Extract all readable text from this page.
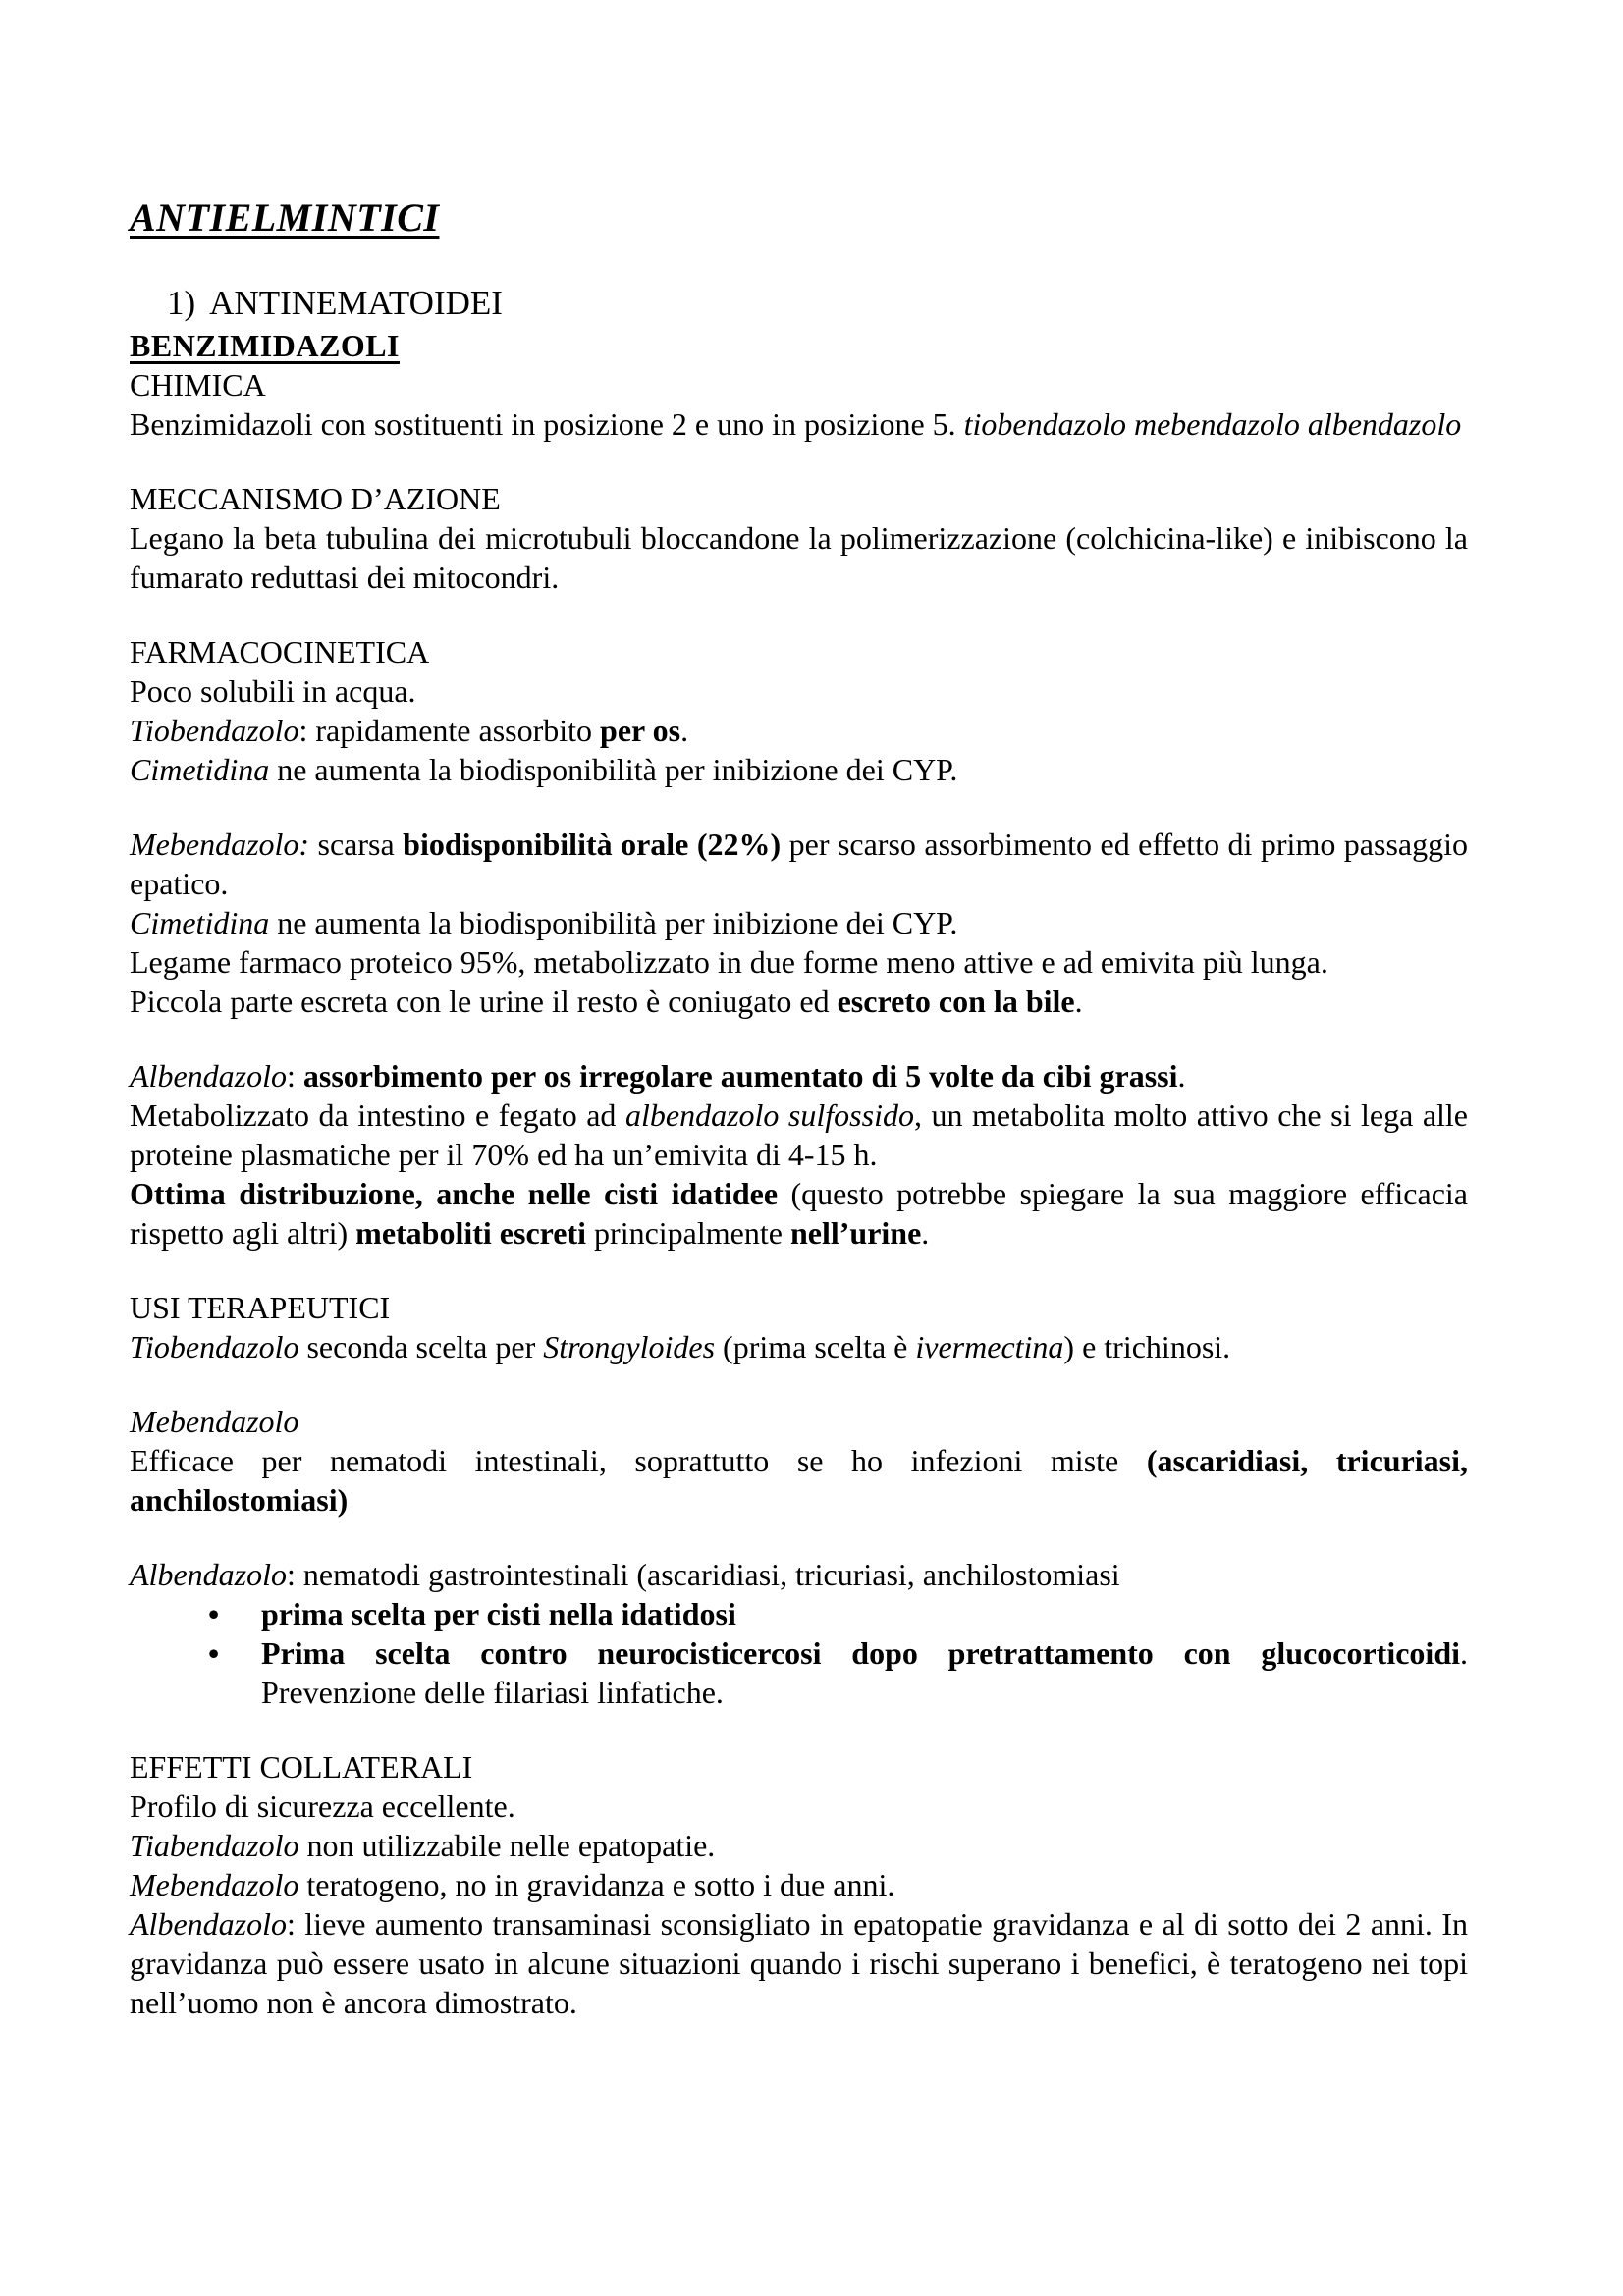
ANTIELMINTICI
1) ANTINEMATOIDEI
BENZIMIDAZOLI
CHIMICA
Benzimidazoli con sostituenti in posizione 2 e uno in posizione 5. tiobendazolo mebendazolo albendazolo
MECCANISMO D’AZIONE
Legano la beta tubulina dei microtubuli bloccandone la polimerizzazione (colchicina-like) e inibiscono la fumarato reduttasi dei mitocondri.
FARMACOCINETICA
Poco solubili in acqua.
Tiobendazolo: rapidamente assorbito per os.
Cimetidina ne aumenta la biodisponibilità per inibizione dei CYP.
Mebendazolo: scarsa biodisponibilità orale (22%) per scarso assorbimento ed effetto di primo passaggio epatico.
Cimetidina ne aumenta la biodisponibilità per inibizione dei CYP.
Legame farmaco proteico 95%, metabolizzato in due forme meno attive e ad emivita più lunga.
Piccola parte escreta con le urine il resto è coniugato ed escreto con la bile.
Albendazolo: assorbimento per os irregolare aumentato di 5 volte da cibi grassi.
Metabolizzato da intestino e fegato ad albendazolo sulfossido, un metabolita molto attivo che si lega alle proteine plasmatiche per il 70% ed ha un’emivita di 4-15 h.
Ottima distribuzione, anche nelle cisti idatidee (questo potrebbe spiegare la sua maggiore efficacia rispetto agli altri) metaboliti escreti principalmente nell’urine.
USI TERAPEUTICI
Tiobendazolo seconda scelta per Strongyloides (prima scelta è ivermectina) e trichinosi.
Mebendazolo
Efficace per nematodi intestinali, soprattutto se ho infezioni miste (ascaridiasi, tricuriasi, anchilostomiasi)
Albendazolo: nematodi gastrointestinali (ascaridiasi, tricuriasi, anchilostomiasi
• prima scelta per cisti nella idatidosi
• Prima scelta contro neurocisticercosi dopo pretrattamento con glucocorticoidi.
Prevenzione delle filariasi linfatiche.
EFFETTI COLLATERALI
Profilo di sicurezza eccellente.
Tiabendazolo non utilizzabile nelle epatopatie.
Mebendazolo teratogeno, no in gravidanza e sotto i due anni.
Albendazolo: lieve aumento transaminasi sconsigliato in epatopatie gravidanza e al di sotto dei 2 anni. In gravidanza può essere usato in alcune situazioni quando i rischi superano i benefici, è teratogeno nei topi nell’uomo non è ancora dimostrato.
